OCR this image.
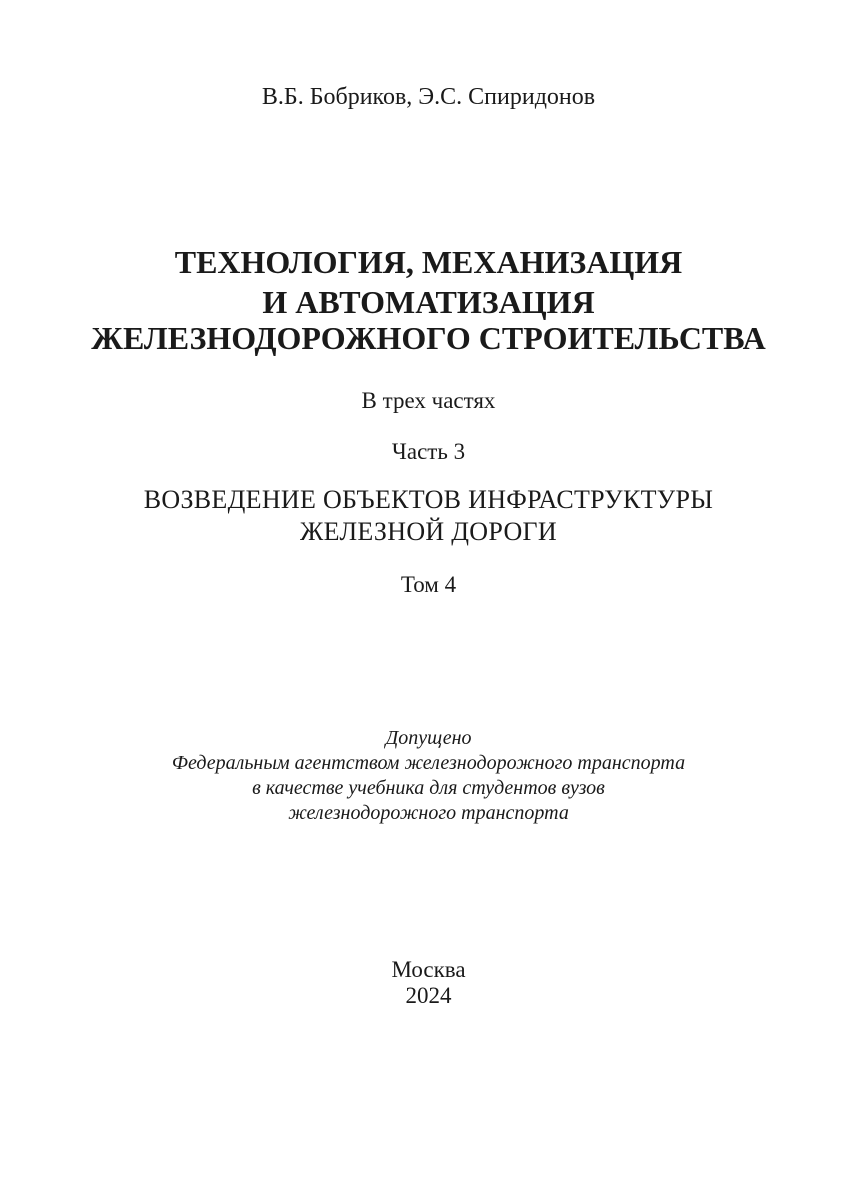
В.Б. Бобриков, Э.С. Спиридонов

ТЕХНОЛОГИЯ, МЕХАНИЗАЦИЯ

И АВТОМАТИЗАЦИЯ

ЖЕЛЕЗНОДОРОЖНОГО СТРОИТЕЛЬСТВА

В трех частях

Часть 3

ВОЗВЕДЕНИЕ ОБЪЕКТОВ ИНФРАСТРУКТУРЫ

ЖЕЛЕЗНОЙ ДОРОГИ

Том 4

Допущено

Федеральным агентством железнодорожного транспорта

в качестве учебника для студентов вузов

железнодорожного транспорта

Москва

2024
